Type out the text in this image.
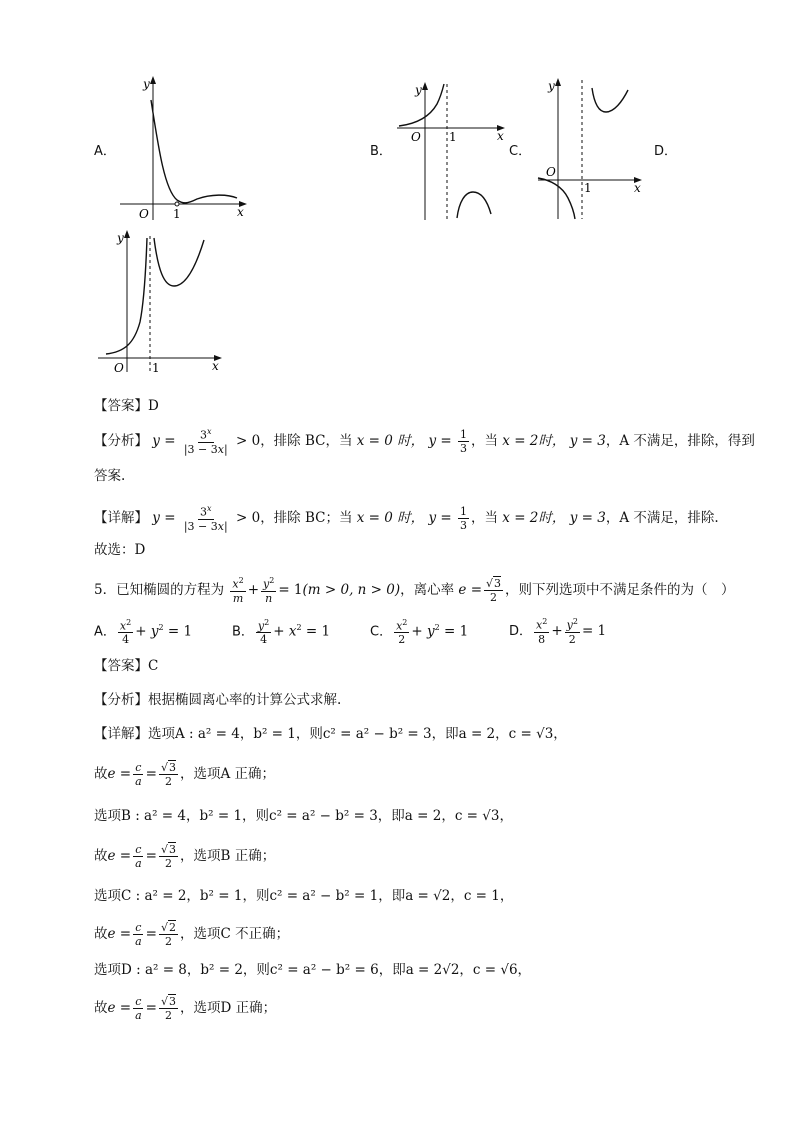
A．	B．	C．	D．
y
O 1	x
y
O 1	x
y
O
1	x
y
O 1	x
【答案】D
【分析】 $y = \frac{3^x}{|3 - 3x|} > 0$，排除 BC，当 x = 0 时， $y = \frac{1}{3}$ ，当 x = 2时， y = 3，A 不满足，排除，得到
答案.
【详解】 $y = \frac{3^x}{|3 - 3x|} > 0$，排除 BC；当 x = 0 时， $y = \frac{1}{3}$ ，当 x = 2时， y = 3，A 不满足，排除.
故选：D
5．已知椭圆的方程为 $\frac{x^2}{m} + \frac{y^2}{n} = 1(m > 0$, n > 0)，离心率 $e = \frac{√3}{2}$ ，则下列选项中不满足条件的为（　）
A． $\frac{x^2}{4} + y^2 = 1$	B． $\frac{y^2}{4} + x^2 = 1$	C． $\frac{x^2}{2} + y^2 = 1$	D． $\frac{x^2}{8} + \frac{y^2}{2} = 1$
【答案】C
【分析】根据椭圆离心率的计算公式求解.
【详解】选项A : a² = 4，b² = 1，则c² = a² − b² = 3，即a = 2，c = √3，
故$e = \frac{c}{a} = \frac{√3}{2}$ ，选项A 正确；
选项B : a² = 4，b² = 1，则c² = a² − b² = 3，即a = 2，c = √3，
故$e = \frac{c}{a} = \frac{√3}{2}$ ，选项B 正确；
选项C : a² = 2，b² = 1，则c² = a² − b² = 1，即a = √2，c = 1，
故$e = \frac{c}{a} = \frac{√2}{2}$ ，选项C 不正确；
选项D : a² = 8，b² = 2，则c² = a² − b² = 6，即a = 2√2，c = √6，
故$e = \frac{c}{a} = \frac{√3}{2}$ ，选项D 正确；
